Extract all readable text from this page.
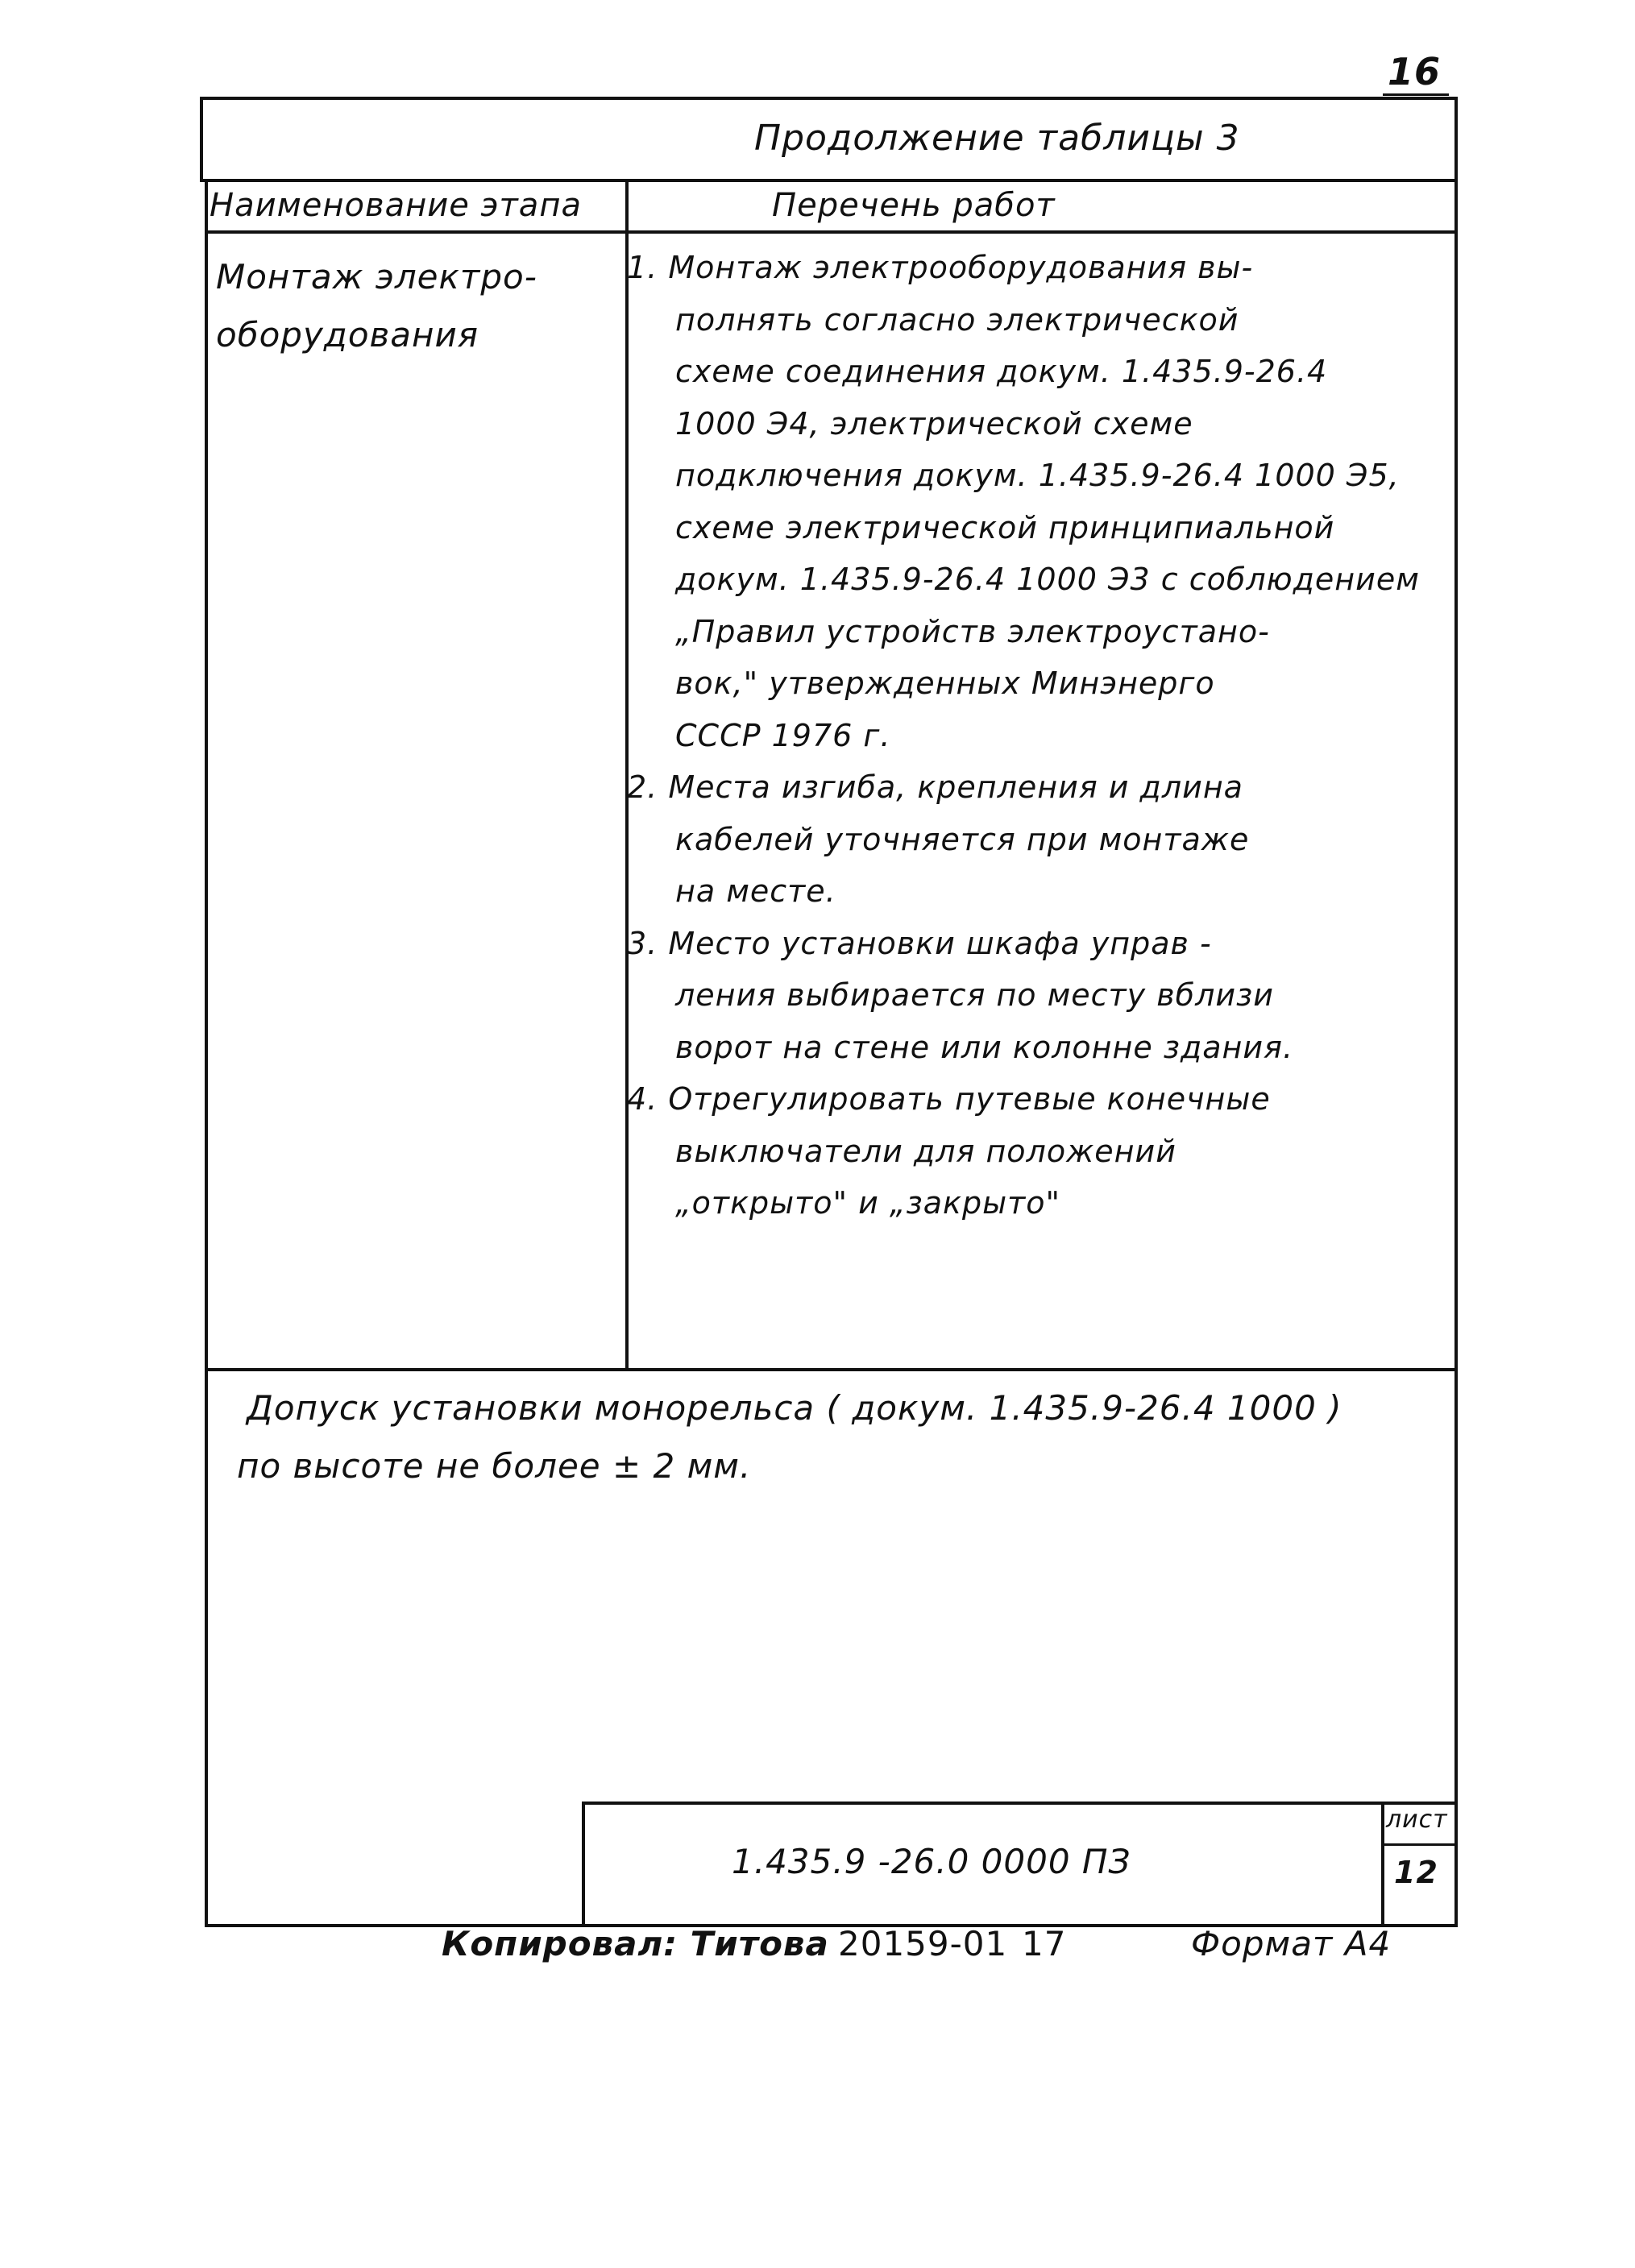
16
Продолжение таблицы 3
Наименование этапа	Перечень работ
Монтаж электро-
оборудования

1. Монтаж электрооборудования вы-

полнять согласно электрической

схеме соединения докум. 1.435.9-26.4

1000 Э4, электрической схеме

подключения докум. 1.435.9-26.4 1000 Э5,

схеме электрической принципиальной

докум. 1.435.9-26.4 1000 Э3 с соблюдением

„Правил устройств электроустано-

вок," утвержденных Минэнерго

СССР 1976 г.

2. Места изгиба, крепления и длина

кабелей уточняется при монтаже

на месте.

3. Место установки шкафа управ -

ления выбирается по месту вблизи

ворот на стене или колонне здания.

4. Отрегулировать путевые конечные

выключатели для положений

„открыто" и „закрыто"

Допуск установки монорельса ( докум. 1.435.9-26.4 1000 )

по высоте не более ± 2 мм.

1.435.9 -26.0 0000 ПЗ
лист
12
Копировал: Титова 20159-01 17	Формат А4
